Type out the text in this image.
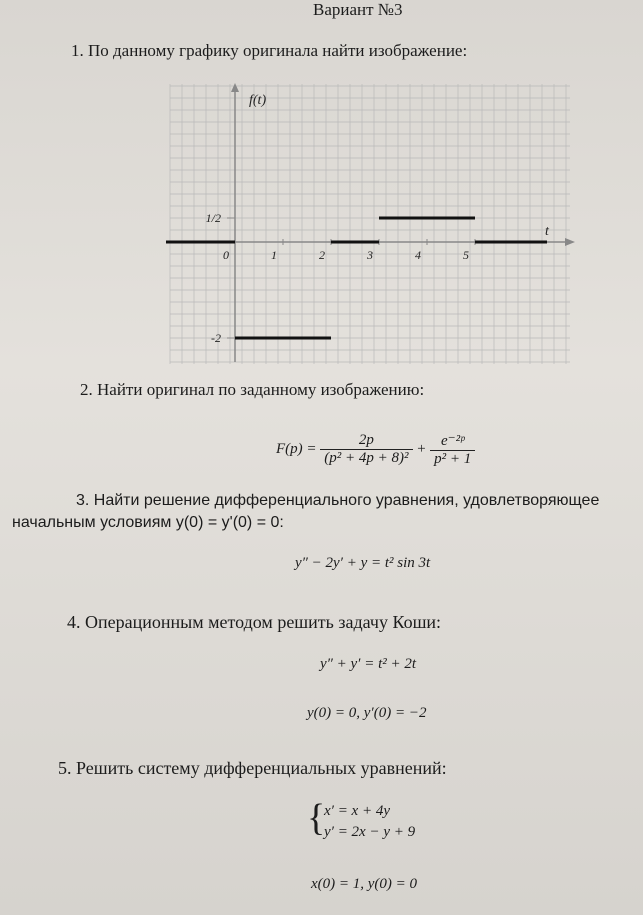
Вариант №3
1. По данному графику оригинала найти изображение:
f(t)
t
0	1	2	3	4	5
1/2
-2
2. Найти оригинал по заданному изображению:
$F(p) = \frac{2p}{\text{(p² + 4p + 8)²}} + \frac{\text{e⁻²ᵖ}}{\text{p² + 1}}$
3. Найти решение дифференциального уравнения, удовлетворяющее
начальным условиям y(0) = y'(0) = 0:
y″ − 2y′ + y = t² sin 3t
4. Операционным методом решить задачу Коши:
y″ + y′ = t² + 2t
y(0) = 0, y′(0) = −2
5. Решить систему дифференциальных уравнений:
{
x′ = x + 4y
y′ = 2x − y + 9
x(0) = 1, y(0) = 0
